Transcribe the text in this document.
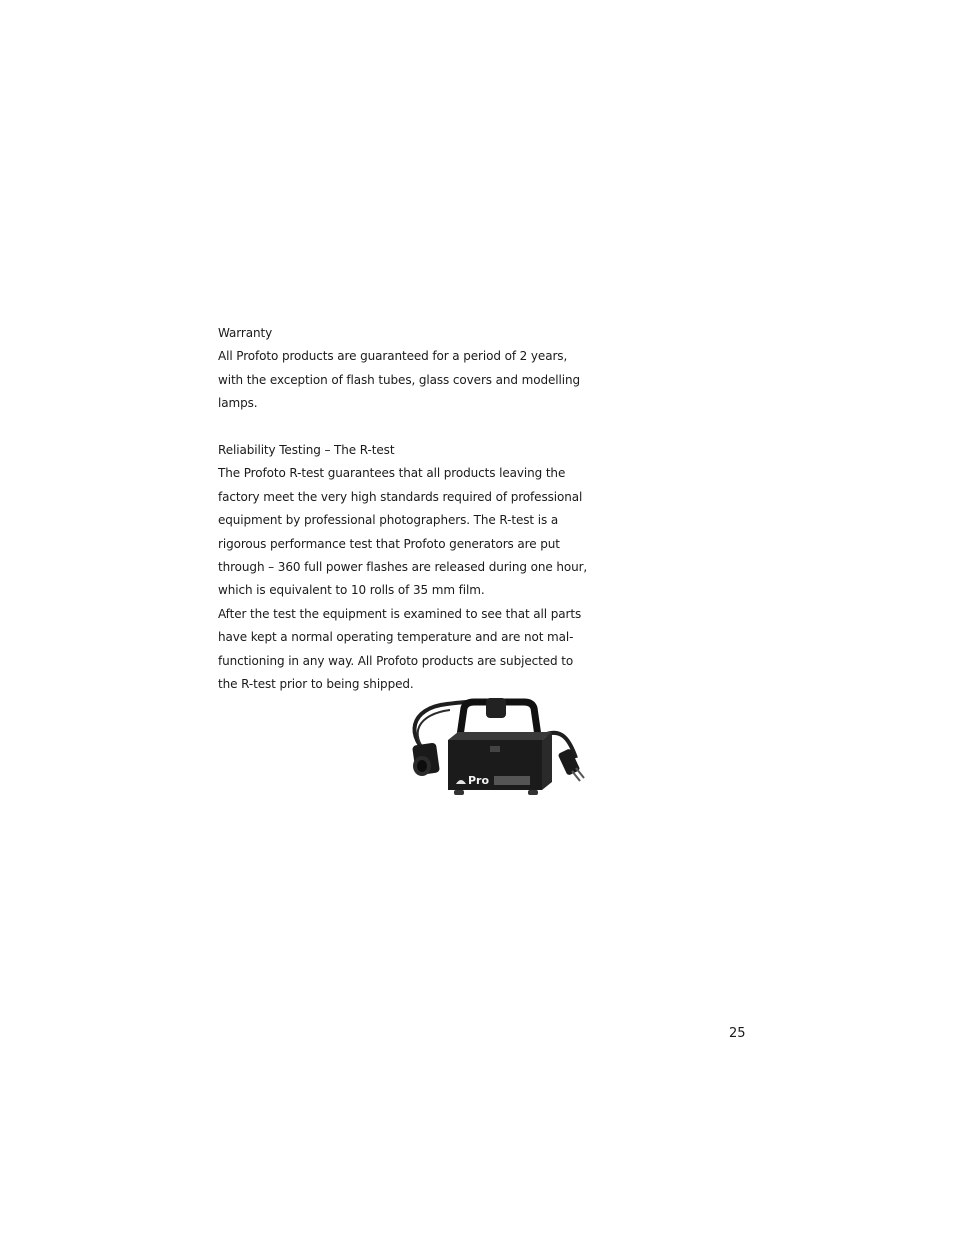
Warranty

All Profoto products are guaranteed for a period of 2 years,

with the exception of flash tubes, glass covers and modelling

lamps.

Reliability Testing – The R-test

The Profoto R-test guarantees that all products leaving the

factory meet the very high standards required of professional

equipment by professional photographers. The R-test is a

rigorous performance test that Profoto generators are put

through – 360 full power flashes are released during one hour,

which is equivalent to 10 rolls of 35 mm film.

After the test the equipment is examined to see that all parts

have kept a normal operating temperature and are not mal-

functioning in any way. All Profoto products are subjected to

the R-test prior to being shipped.

Pro
25
